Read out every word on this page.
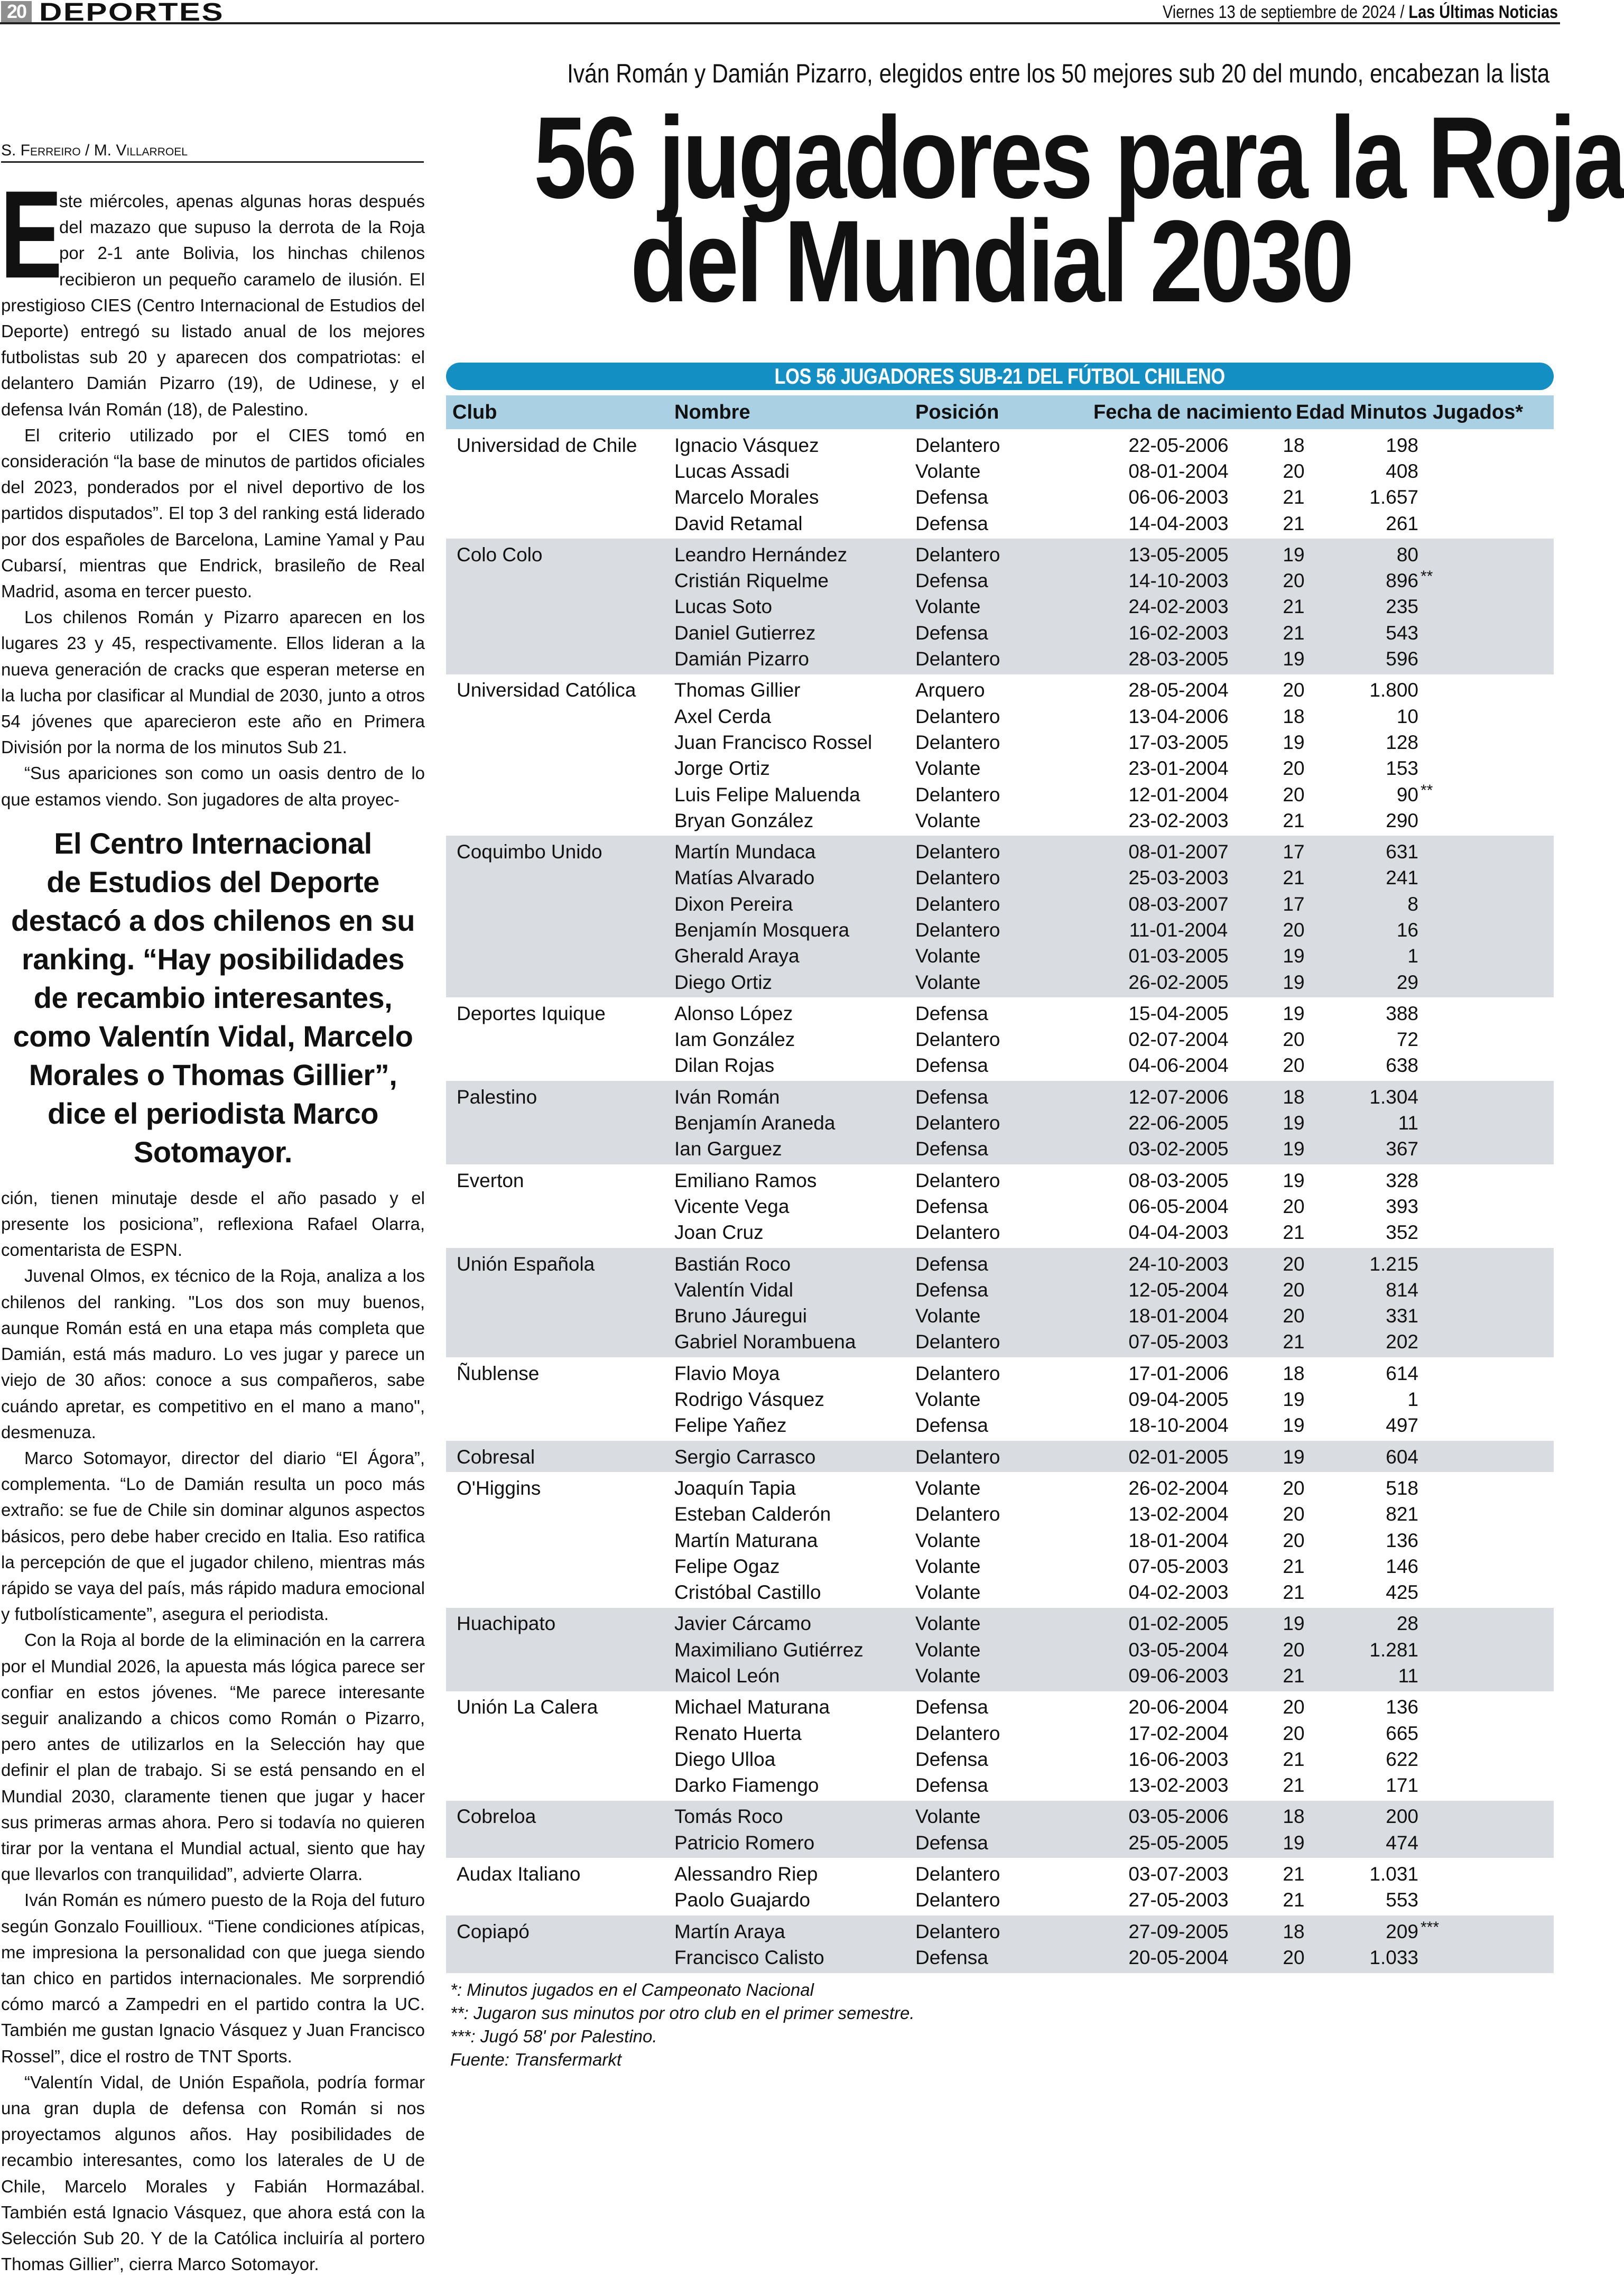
20 DEPORTES	Viernes 13 de septiembre de 2024 / Las Últimas Noticias
Iván Román y Damián Pizarro, elegidos entre los 50 mejores sub 20 del mundo, encabezan la lista
56 jugadores para la Roja
del Mundial 2030
S. Ferreiro / M. Villarroel

E
ste miércoles, apenas algunas horas después del mazazo que supuso la derrota de la Roja por 2-1 ante Bolivia, los hinchas chilenos recibieron un pequeño caramelo de ilusión. El prestigioso CIES (Centro Internacional de Estudios del Deporte) entregó su listado anual de los mejores futbolistas sub 20 y aparecen dos compatriotas: el delantero Damián Pizarro (19), de Udinese, y el defensa Iván Román (18), de Palestino.

El criterio utilizado por el CIES tomó en consideración “la base de minutos de partidos oficiales del 2023, ponderados por el nivel deportivo de los partidos disputados”. El top 3 del ranking está liderado por dos españoles de Barcelona, Lamine Yamal y Pau Cubarsí, mientras que Endrick, brasileño de Real Madrid, asoma en tercer puesto.

Los chilenos Román y Pizarro aparecen en los lugares 23 y 45, respectivamente. Ellos lideran a la nueva generación de cracks que esperan meterse en la lucha por clasificar al Mundial de 2030, junto a otros 54 jóvenes que aparecieron este año en Primera División por la norma de los minutos Sub 21.

“Sus apariciones son como un oasis dentro de lo que estamos viendo. Son jugadores de alta proyec-

El Centro Internacional
de Estudios del Deporte
destacó a dos chilenos en su
ranking. “Hay posibilidades
de recambio interesantes,
como Valentín Vidal, Marcelo
Morales o Thomas Gillier”,
dice el periodista Marco
Sotomayor.

ción, tienen minutaje desde el año pasado y el presente los posiciona”, reflexiona Rafael Olarra, comentarista de ESPN.

Juvenal Olmos, ex técnico de la Roja, analiza a los chilenos del ranking. "Los dos son muy buenos, aunque Román está en una etapa más completa que Damián, está más maduro. Lo ves jugar y parece un viejo de 30 años: conoce a sus compañeros, sabe cuándo apretar, es competitivo en el mano a mano", desmenuza.

Marco Sotomayor, director del diario “El Ágora”, complementa. “Lo de Damián resulta un poco más extraño: se fue de Chile sin dominar algunos aspectos básicos, pero debe haber crecido en Italia. Eso ratifica la percepción de que el jugador chileno, mientras más rápido se vaya del país, más rápido madura emocional y futbolísticamente”, asegura el periodista.

Con la Roja al borde de la eliminación en la carrera por el Mundial 2026, la apuesta más lógica parece ser confiar en estos jóvenes. “Me parece interesante seguir analizando a chicos como Román o Pizarro, pero antes de utilizarlos en la Selección hay que definir el plan de trabajo. Si se está pensando en el Mundial 2030, claramente tienen que jugar y hacer sus primeras armas ahora. Pero si todavía no quieren tirar por la ventana el Mundial actual, siento que hay que llevarlos con tranquilidad”, advierte Olarra.

Iván Román es número puesto de la Roja del futuro según Gonzalo Fouillioux. “Tiene condiciones atípicas, me impresiona la personalidad con que juega siendo tan chico en partidos internacionales. Me sorprendió cómo marcó a Zampedri en el partido contra la UC. También me gustan Ignacio Vásquez y Juan Francisco Rossel”, dice el rostro de TNT Sports.

“Valentín Vidal, de Unión Española, podría formar una gran dupla de defensa con Román si nos proyectamos algunos años. Hay posibilidades de recambio interesantes, como los laterales de U de Chile, Marcelo Morales y Fabián Hormazábal. También está Ignacio Vásquez, que ahora está con la Selección Sub 20. Y de la Católica incluiría al portero Thomas Gillier”, cierra Marco Sotomayor.

LOS 56 JUGADORES SUB-21 DEL FÚTBOL CHILENO
Club	Nombre	Posición	Fecha de nacimiento Edad Minutos Jugados*
Universidad de Chile	Ignacio Vásquez	Delantero	22-05-2006	18	198
Lucas Assadi	Volante	08-01-2004	20	408
Marcelo Morales	Defensa	06-06-2003	21	1.657
David Retamal	Defensa	14-04-2003	21	261
Colo Colo	Leandro Hernández	Delantero	13-05-2005	19	80
Cristián Riquelme	Defensa	14-10-2003	20	896 **
Lucas Soto	Volante	24-02-2003	21	235
Daniel Gutierrez	Defensa	16-02-2003	21	543
Damián Pizarro	Delantero	28-03-2005	19	596
Universidad Católica	Thomas Gillier	Arquero	28-05-2004	20	1.800
Axel Cerda	Delantero	13-04-2006	18	10
Juan Francisco Rossel	Delantero	17-03-2005	19	128
Jorge Ortiz	Volante	23-01-2004	20	153
Luis Felipe Maluenda	Delantero	12-01-2004	20	90 **
Bryan González	Volante	23-02-2003	21	290
Coquimbo Unido	Martín Mundaca	Delantero	08-01-2007	17	631
Matías Alvarado	Delantero	25-03-2003	21	241
Dixon Pereira	Delantero	08-03-2007	17	8
Benjamín Mosquera	Delantero	11-01-2004	20	16
Gherald Araya	Volante	01-03-2005	19	1
Diego Ortiz	Volante	26-02-2005	19	29
Deportes Iquique	Alonso López	Defensa	15-04-2005	19	388
Iam González	Delantero	02-07-2004	20	72
Dilan Rojas	Defensa	04-06-2004	20	638
Palestino	Iván Román	Defensa	12-07-2006	18	1.304
Benjamín Araneda	Delantero	22-06-2005	19	11
Ian Garguez	Defensa	03-02-2005	19	367
Everton	Emiliano Ramos	Delantero	08-03-2005	19	328
Vicente Vega	Defensa	06-05-2004	20	393
Joan Cruz	Delantero	04-04-2003	21	352
Unión Española	Bastián Roco	Defensa	24-10-2003	20	1.215
Valentín Vidal	Defensa	12-05-2004	20	814
Bruno Jáuregui	Volante	18-01-2004	20	331
Gabriel Norambuena	Delantero	07-05-2003	21	202
Ñublense	Flavio Moya	Delantero	17-01-2006	18	614
Rodrigo Vásquez	Volante	09-04-2005	19	1
Felipe Yañez	Defensa	18-10-2004	19	497
Cobresal	Sergio Carrasco	Delantero	02-01-2005	19	604
O'Higgins	Joaquín Tapia	Volante	26-02-2004	20	518
Esteban Calderón	Delantero	13-02-2004	20	821
Martín Maturana	Volante	18-01-2004	20	136
Felipe Ogaz	Volante	07-05-2003	21	146
Cristóbal Castillo	Volante	04-02-2003	21	425
Huachipato	Javier Cárcamo	Volante	01-02-2005	19	28
Maximiliano Gutiérrez	Volante	03-05-2004	20	1.281
Maicol León	Volante	09-06-2003	21	11
Unión La Calera	Michael Maturana	Defensa	20-06-2004	20	136
Renato Huerta	Delantero	17-02-2004	20	665
Diego Ulloa	Defensa	16-06-2003	21	622
Darko Fiamengo	Defensa	13-02-2003	21	171
Cobreloa	Tomás Roco	Volante	03-05-2006	18	200
Patricio Romero	Defensa	25-05-2005	19	474
Audax Italiano	Alessandro Riep	Delantero	03-07-2003	21	1.031
Paolo Guajardo	Delantero	27-05-2003	21	553
Copiapó	Martín Araya	Delantero	27-09-2005	18	209 ***
Francisco Calisto	Defensa	20-05-2004	20	1.033
*: Minutos jugados en el Campeonato Nacional
**: Jugaron sus minutos por otro club en el primer semestre.
***: Jugó 58' por Palestino.
Fuente: Transfermarkt
